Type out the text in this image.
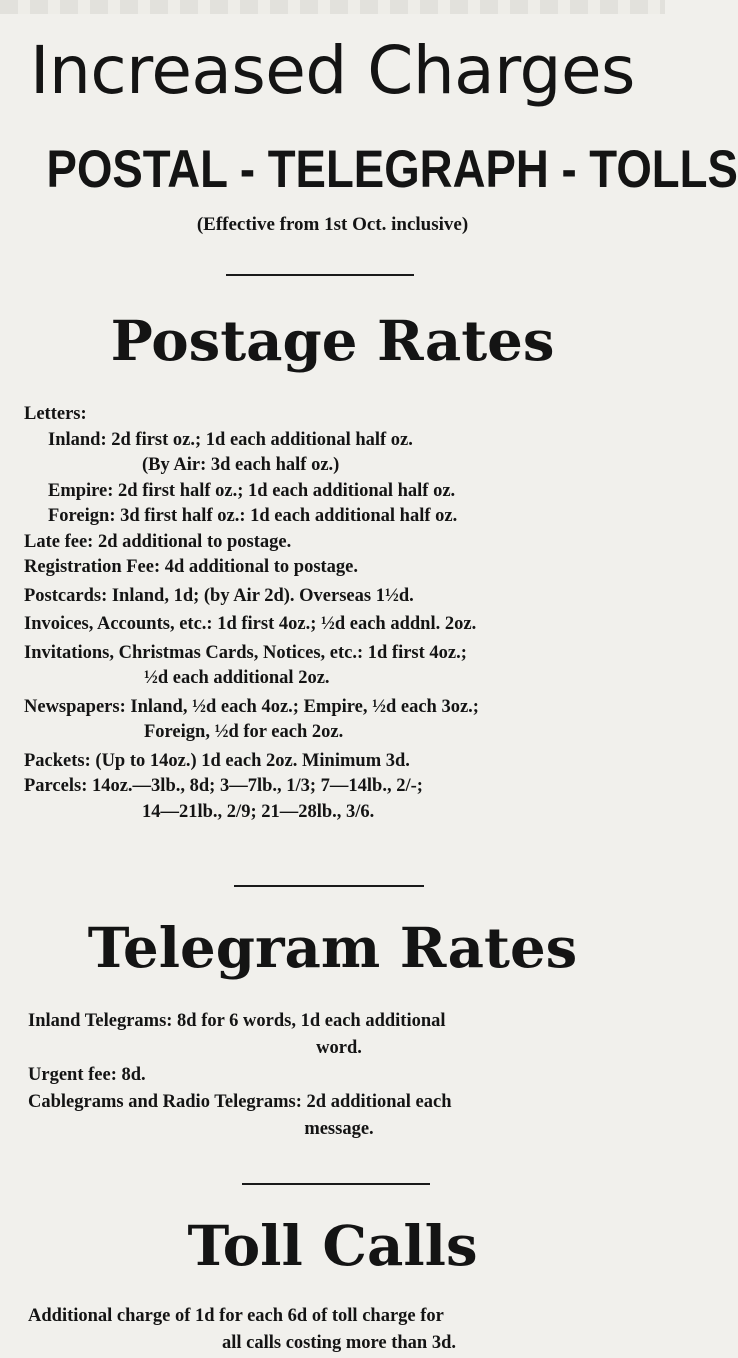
Increased Charges
POSTAL - TELEGRAPH - TOLLS
(Effective from 1st Oct. inclusive)
Postage Rates
Letters:
Inland: 2d first oz.; 1d each additional half oz.
(By Air: 3d each half oz.)
Empire: 2d first half oz.; 1d each additional half oz.
Foreign: 3d first half oz.: 1d each additional half oz.
Late fee: 2d additional to postage.
Registration Fee: 4d additional to postage.
Postcards: Inland, 1d; (by Air 2d). Overseas 1½d.
Invoices, Accounts, etc.: 1d first 4oz.; ½d each addnl. 2oz.
Invitations, Christmas Cards, Notices, etc.: 1d first 4oz.;
½d each additional 2oz.
Newspapers: Inland, ½d each 4oz.; Empire, ½d each 3oz.;
Foreign, ½d for each 2oz.
Packets: (Up to 14oz.) 1d each 2oz. Minimum 3d.
Parcels: 14oz.—3lb., 8d; 3—7lb., 1/3; 7—14lb., 2/-;
14—21lb., 2/9; 21—28lb., 3/6.
Telegram Rates
Inland Telegrams: 8d for 6 words, 1d each additional
word.
Urgent fee: 8d.
Cablegrams and Radio Telegrams: 2d additional each
message.
Toll Calls
Additional charge of 1d for each 6d of toll charge for
all calls costing more than 3d.
